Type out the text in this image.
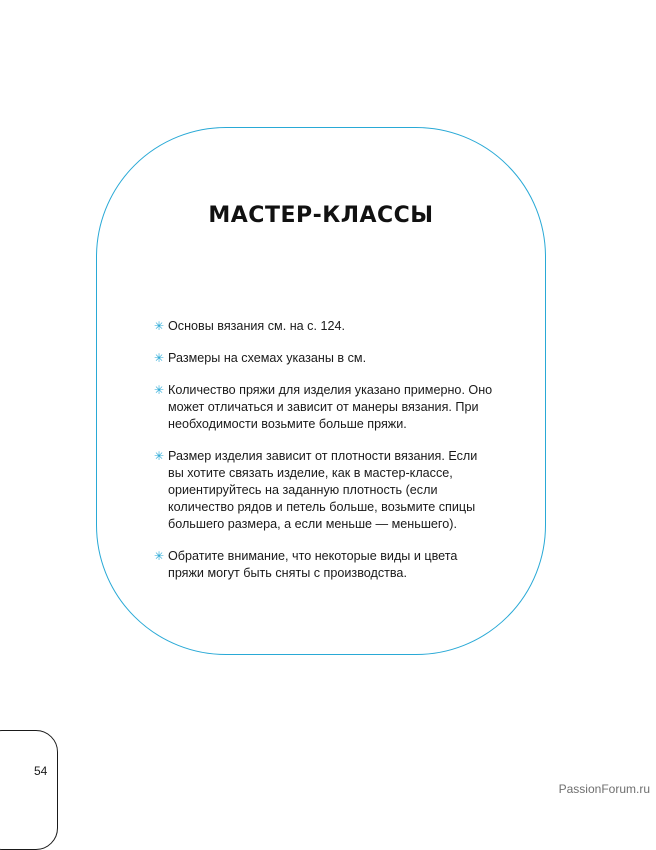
МАСТЕР-КЛАССЫ
✳ Основы вязания см. на с. 124.
✳ Размеры на схемах указаны в см.
✳ Количество пряжи для изделия указано примерно. Оно может отличаться и зависит от манеры вязания. При необходимости возьмите больше пряжи.
✳ Размер изделия зависит от плотности вязания. Если вы хотите связать изделие, как в мастер-классе, ориентируйтесь на заданную плотность (если количество рядов и петель больше, возьмите спицы большего размера, а если меньше — меньшего).
✳ Обратите внимание, что некоторые виды и цвета пряжи могут быть сняты с производства.
54
PassionForum.ru
